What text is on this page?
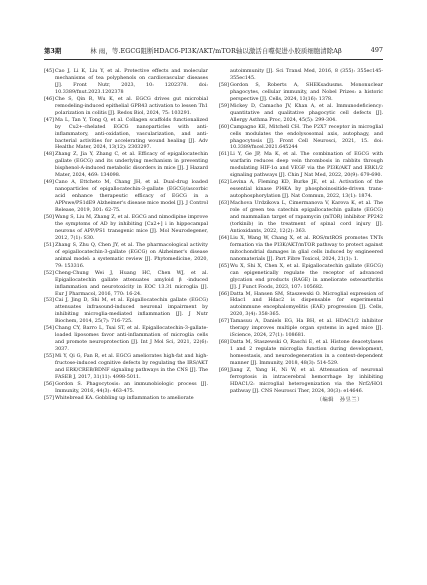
第3期	林 雨，等.EGCG阻断HDAC6-PI3K/AKT/mTOR轴以激活自噬促进小胶质细胞清除Aβ	497

[45]Cao J, Li K, Liu Y, et al. Protective effects and molecular mechanisms of tea polyphenols on cardiovascular diseases [J]. Front Nutr, 2023, 10: 1202378. doi: 10.3389/fnut.2023.1202378

[46]Che S, Qin R, Wu K, et al. EGCG drives gut microbial remodeling-induced epithelial GPR43 activation to lessen Th1 polarization in colitis [J]. Redox Biol, 2024, 75: 103291.

[47]Ma L, Tan Y, Tong Q, et al. Collagen scaffolds functionalized by Cu2+-chelated EGCG nanoparticles with anti-inflammatory, anti-oxidation, vascularization, and anti-bacterial activities for accelerating wound healing [J]. Adv Healthc Mater, 2024, 13(12): 2303297.

[48]Zhang Z, Jia Y, Zhang C, et al. Efficacy of epigallocatechin gallate (EGCG) and its underlying mechanism in preventing bisphenol-A-induced metabolic disorders in mice [J]. J Hazard Mater, 2024, 469: 134098.

[49]Cano A, Ettcheto M, Chang JH, et al. Dual-drug loaded nanoparticles of epigallocatechin-3-gallate (EGCG)/ascorbic acid enhance therapeutic efficacy of EGCG in a APPswe/PS1dE9 Alzheimer's disease mice model [J]. J Control Release, 2019, 301: 62-75.

[50]Wang S, Liu M, Zhang Z, et al. EGCG and nimodipine improve the symptoms of AD by inhibiting [Ca2+] i in hippocampal neurons of APP/PS1 transgenic mice [J]. Mol Neurodegener, 2012, 7(1): S30.

[51]Zhang S, Zhu Q, Chen JY, et al. The pharmacological activity of epigallocatechin-3-gallate (EGCG) on Alzheimer's disease animal model: a systematic review [J]. Phytomedicine, 2020, 79: 153316.

[52]Cheng-Chung Wei J, Huang HC, Chen WJ, et al. Epigallocatechin gallate attenuates amyloid β -induced inflammation and neurotoxicity in EOC 13.31 microglia [J]. Eur J Pharmacol, 2016, 770: 16-24.

[53]Cai J, Jing D, Shi M, et al. Epigallocatechin gallate (EGCG) attenuates infrasound-induced neuronal impairment by inhibiting microglia-mediated inflammation [J]. J Nutr Biochem, 2014, 25(7): 716-725.

[54]Chang CY, Barro L, Tsai ST, et al. Epigallocatechin-3-gallate-loaded liposomes favor anti-inflammation of microglia cells and promote neuroprotection [J]. Int J Mol Sci, 2021, 22(6): 3037.

[55]Mi Y, Qi G, Fan R, et al. EGCG ameliorates high-fat and high-fructose-induced cognitive defects by regulating the IRS/AKT and ERK/CREB/BDNF signaling pathways in the CNS [J]. The FASEB J, 2017, 31(11): 4998-5011.

[56]Gordon S. Phagocytosis: an immunobiologic process [J]. Immunity, 2016, 44(3): 463-475.

[57]Whitebread KA. Gobbling up inflammation to ameliorate

autoimmunity [J]. Sci Transl Med, 2016, 8 (355): 355ec145-355ec145.

[58]Gordon S, Roberts A, SHEKsadusms. Mononuclear phagocytes, cellular immunity, and Nobel Prizes: a historic perspective [J]. Cells, 2024, 13(16): 1378.

[59]Mickey D, Camacho JV, Khan A, et al. Immunodeficiency: quantitative and qualitative phagocytic cell defects [J]. Allergy Asthma Proc, 2024, 45(5): 299-304.

[60]Campagno KE, Mitchell CH. The P2X7 receptor in microglial cells modulates the endolysosomal axis, autophagy, and phagocytosis [J]. Front Cell Neurosci, 2021, 15. doi: 10.3389/fncel.2021.645244

[61]Li Y, Ge JP, Ma K, et al. The combination of EGCG with warfarin reduces deep vein thrombosis in rabbits through modulating HIF-1α and VEGF via the PI3K/AKT and ERK1/2 signaling pathways [J]. Chin J Nat Med, 2022, 20(9): 679-690.

[62]Levina A, Fleming KD, Burke JE, et al. Activation of the essential kinase PI4KA by phosphoinositide-driven trans-autophosphorylation [J]. Nat Commun, 2022, 13(1): 1874.

[63]Machova Urdzikova L, Cimermanova V, Karova K, et al. The role of green tea catechin epigallocatechin gallate (EGCG) and mammalian target of rapamycin (mTOR) inhibitor PP242 (torkinib) in the treatment of spinal cord injury [J]. Antioxidants, 2022, 12(2): 363.

[64]Liu X, Wang W, Chang X, et al. ROS/mtROS promotes TNTs formation via the PI3K/AKT/mTOR pathway to protect against mitochondrial damages in glial cells induced by engineered nanomaterials [J]. Part Fibre Toxicol, 2024, 21(1): 1.

[65]Wu X, Shi X, Chen X, et al. Epigallocatechin gallate (EGCG) can epigenetically regulate the receptor of advanced glycation end products (RAGE) in ameliorate osteoarthritis [J]. J Funct Foods, 2023, 107: 105682.

[66]Datta M, Hansen SM, Staszewski O. Microglial expression of Hdac1 and Hdac2 is dispensable for experimental autoimmune encephalomyelitis (EAE) progression [J]. Cells, 2020, 3(4): 358-365.

[67]Tamasuu A, Daniels EG, Ha BH, et al. HDAC1/2 inhibitor therapy improves multiple organ systems in aged mice [J]. iScience, 2024, 27(1): 108681.

[68]Datta M, Staszewski O, Raschi E, et al. Histone deacetylases 1 and 2 regulate microglia function during development, homeostasis, and neurodegeneration in a context-dependent manner [J]. Immunity, 2018, 48(3): 514-529.

[69]Jiang Z, Yang H, Ni W, et al. Attenuation of neuronal ferroptosis in intracerebral hemorrhage by inhibiting HDAC1/2: microglial heterogenization via the Nrf2/HO1 pathway [J]. CNS Neurosci Ther, 2024, 30(3): e14646.

（编辑　孙昱兰）
